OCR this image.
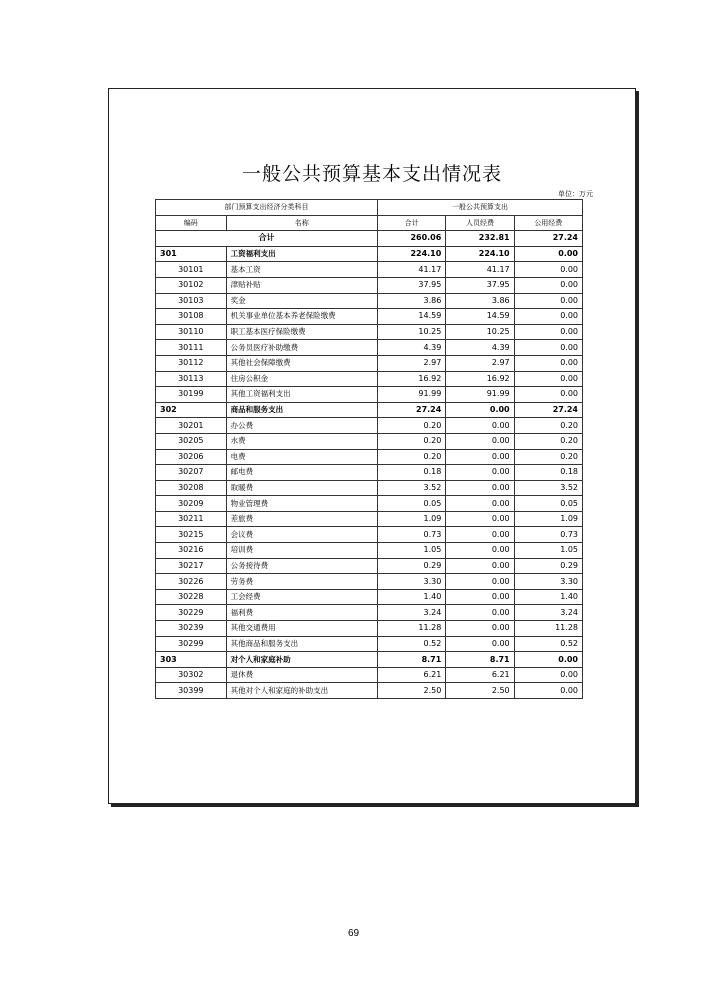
一般公共预算基本支出情况表
单位：万元
部门预算支出经济分类科目		一般公共预算支出		
编码	名称	合计	人员经费	公用经费
合计		260.06	232.81	27.24
301	工资福利支出	224.10	224.10	0.00
30101	基本工资	41.17	41.17	0.00
30102	津贴补贴	37.95	37.95	0.00
30103	奖金	3.86	3.86	0.00
30108	机关事业单位基本养老保险缴费	14.59	14.59	0.00
30110	职工基本医疗保险缴费	10.25	10.25	0.00
30111	公务员医疗补助缴费	4.39	4.39	0.00
30112	其他社会保障缴费	2.97	2.97	0.00
30113	住房公积金	16.92	16.92	0.00
30199	其他工资福利支出	91.99	91.99	0.00
302	商品和服务支出	27.24	0.00	27.24
30201	办公费	0.20	0.00	0.20
30205	水费	0.20	0.00	0.20
30206	电费	0.20	0.00	0.20
30207	邮电费	0.18	0.00	0.18
30208	取暖费	3.52	0.00	3.52
30209	物业管理费	0.05	0.00	0.05
30211	差旅费	1.09	0.00	1.09
30215	会议费	0.73	0.00	0.73
30216	培训费	1.05	0.00	1.05
30217	公务接待费	0.29	0.00	0.29
30226	劳务费	3.30	0.00	3.30
30228	工会经费	1.40	0.00	1.40
30229	福利费	3.24	0.00	3.24
30239	其他交通费用	11.28	0.00	11.28
30299	其他商品和服务支出	0.52	0.00	0.52
303	对个人和家庭补助	8.71	8.71	0.00
30302	退休费	6.21	6.21	0.00
30399	其他对个人和家庭的补助支出	2.50	2.50	0.00
69
